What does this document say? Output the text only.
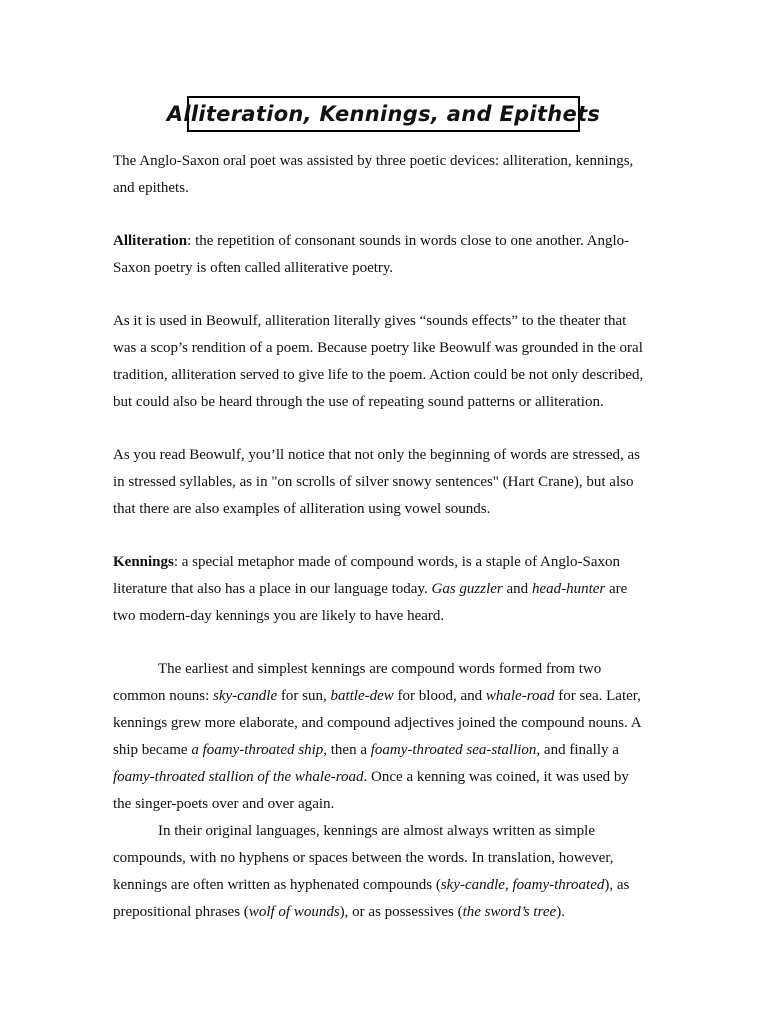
Alliteration, Kennings, and Epithets
The Anglo-Saxon oral poet was assisted by three poetic devices: alliteration, kennings,
and epithets.
Alliteration: the repetition of consonant sounds in words close to one another. Anglo-
Saxon poetry is often called alliterative poetry.
As it is used in Beowulf, alliteration literally gives “sounds effects” to the theater that
was a scop’s rendition of a poem. Because poetry like Beowulf was grounded in the oral
tradition, alliteration served to give life to the poem. Action could be not only described,
but could also be heard through the use of repeating sound patterns or alliteration.
As you read Beowulf, you’ll notice that not only the beginning of words are stressed, as
in stressed syllables, as in "on scrolls of silver snowy sentences" (Hart Crane), but also
that there are also examples of alliteration using vowel sounds.
Kennings: a special metaphor made of compound words, is a staple of Anglo-Saxon
literature that also has a place in our language today. Gas guzzler and head-hunter are
two modern-day kennings you are likely to have heard.
The earliest and simplest kennings are compound words formed from two
common nouns: sky-candle for sun, battle-dew for blood, and whale-road for sea. Later,
kennings grew more elaborate, and compound adjectives joined the compound nouns. A
ship became a foamy-throated ship, then a foamy-throated sea-stallion, and finally a
foamy-throated stallion of the whale-road. Once a kenning was coined, it was used by
the singer-poets over and over again.
In their original languages, kennings are almost always written as simple
compounds, with no hyphens or spaces between the words. In translation, however,
kennings are often written as hyphenated compounds (sky-candle, foamy-throated), as
prepositional phrases (wolf of wounds), or as possessives (the sword’s tree).
